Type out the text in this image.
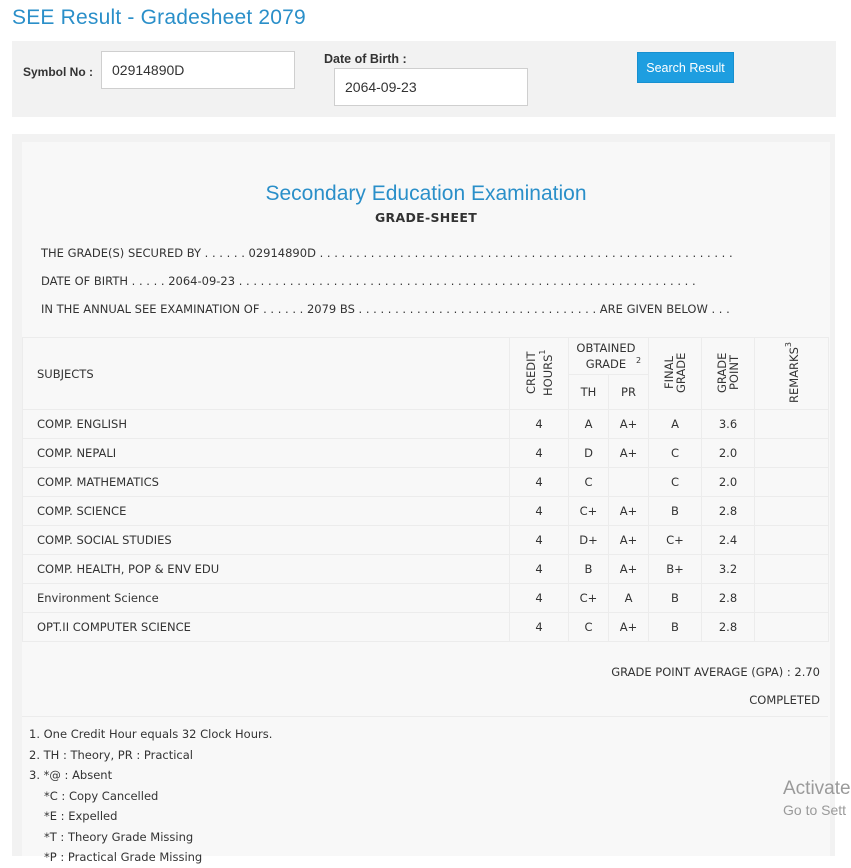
SEE Result - Gradesheet 2079
Symbol No :
02914890D
Date of Birth :
2064-09-23
Search Result
Secondary Education Examination
GRADE-SHEET
THE GRADE(S) SECURED BY . . . . . . 02914890D . . . . . . . . . . . . . . . . . . . . . . . . . . . . . . . . . . . . . . . . . . . . . . . . . . . . . . . . .
DATE OF BIRTH . . . . . 2064-09-23 . . . . . . . . . . . . . . . . . . . . . . . . . . . . . . . . . . . . . . . . . . . . . . . . . . . . . . . . . . . . . . .
IN THE ANNUAL SEE EXAMINATION OF . . . . . . 2079 BS . . . . . . . . . . . . . . . . . . . . . . . . . . . . . . . . . ARE GIVEN BELOW . . .
SUBJECTS	CREDIT HOURS$^1$	OBTAINED GRADE $^2$		FINAL GRADE	GRADE POINT	REMARKS$^3$
		TH	PR			
COMP. ENGLISH	4	A	A+	A	3.6	
COMP. NEPALI	4	D	A+	C	2.0	
COMP. MATHEMATICS	4	C		C	2.0	
COMP. SCIENCE	4	C+	A+	B	2.8	
COMP. SOCIAL STUDIES	4	D+	A+	C+	2.4	
COMP. HEALTH, POP & ENV EDU	4	B	A+	B+	3.2	
Environment Science	4	C+	A	B	2.8	
OPT.II COMPUTER SCIENCE	4	C	A+	B	2.8	
GRADE POINT AVERAGE (GPA) : 2.70
COMPLETED
1. One Credit Hour equals 32 Clock Hours.
2. TH : Theory, PR : Practical
3. *@ : Absent
*C : Copy Cancelled
*E : Expelled
*T : Theory Grade Missing
*P : Practical Grade Missing
Activate
Go to Sett
